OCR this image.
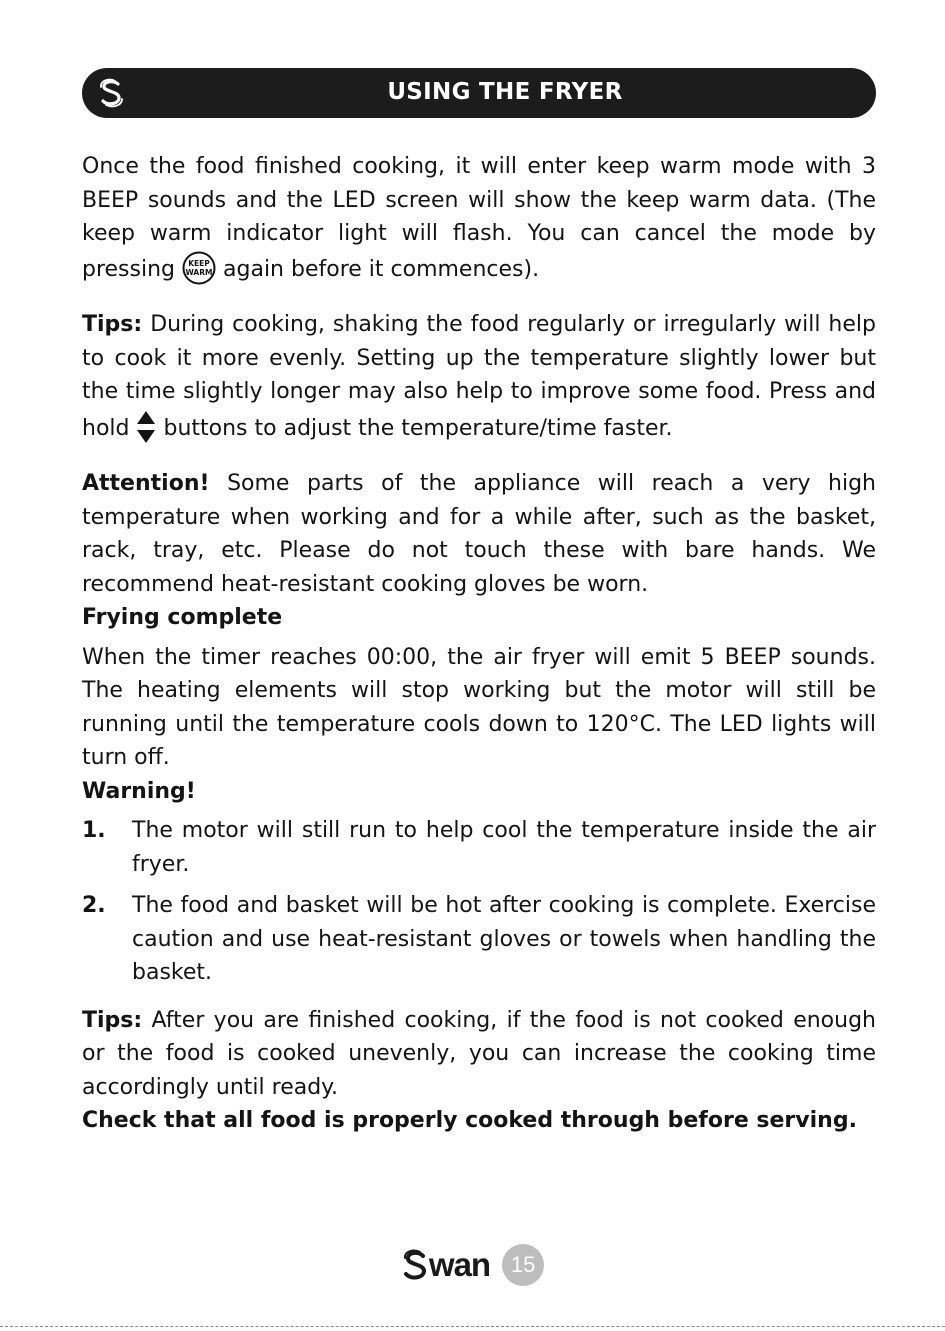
USING THE FRYER

Once the food finished cooking, it will enter keep warm mode with 3 BEEP sounds and the LED screen will show the keep warm data. (The keep warm indicator light will flash. You can cancel the mode by pressing KEEP
WARM again before it commences).

Tips: During cooking, shaking the food regularly or irregularly will help to cook it more evenly. Setting up the temperature slightly lower but the time slightly longer may also help to improve some food. Press and hold buttons to adjust the temperature/time faster.

Attention! Some parts of the appliance will reach a very high temperature when working and for a while after, such as the basket, rack, tray, etc. Please do not touch these with bare hands. We recommend heat-resistant cooking gloves be worn.

Frying complete

When the timer reaches 00:00, the air fryer will emit 5 BEEP sounds. The heating elements will stop working but the motor will still be running until the temperature cools down to 120°C. The LED lights will turn off.

Warning!
1.	The motor will still run to help cool the temperature inside the air fryer.
2.	The food and basket will be hot after cooking is complete. Exercise caution and use heat-resistant gloves or towels when handling the basket.

Tips: After you are finished cooking, if the food is not cooked enough or the food is cooked unevenly, you can increase the cooking time accordingly until ready.

Check that all food is properly cooked through before serving.

wan 15
